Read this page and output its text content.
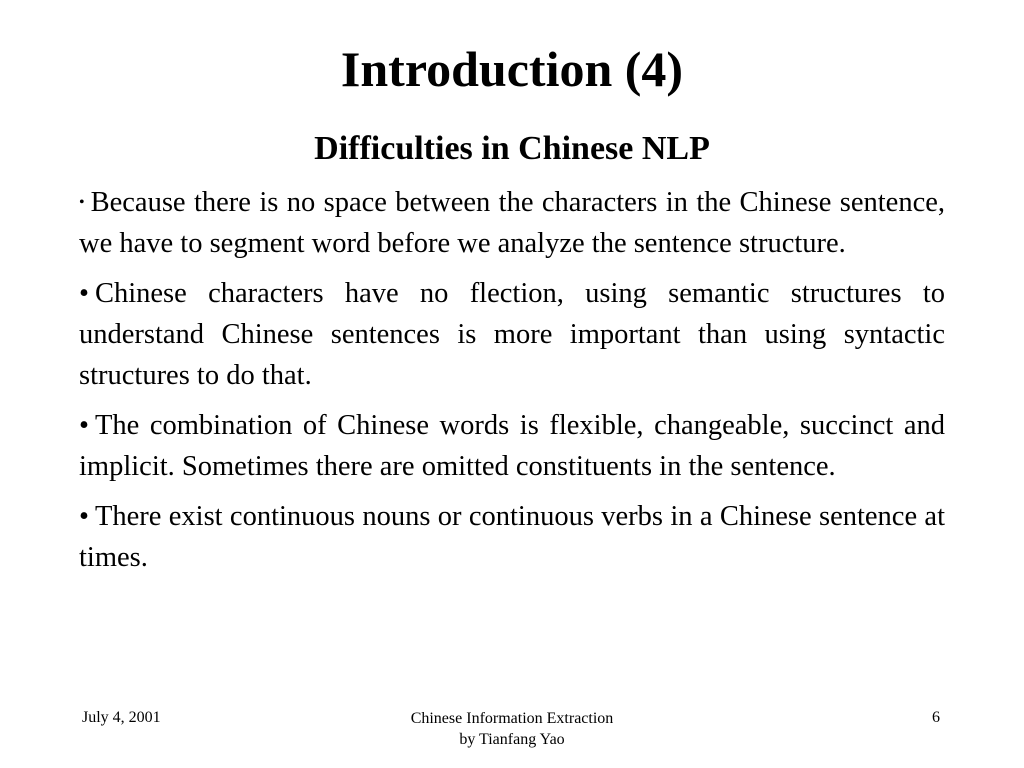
Introduction (4)
Difficulties in Chinese NLP

• Because there is no space between the characters in the Chinese sentence, we have to segment word before we analyze the sentence structure.

• Chinese characters have no flection, using semantic structures to understand Chinese sentences is more important than using syntactic structures to do that.

• The combination of Chinese words is flexible, changeable, succinct and implicit. Sometimes there are omitted constituents in the sentence.

• There exist continuous nouns or continuous verbs in a Chinese sentence at times.

July 4, 2001	Chinese Information Extraction
by Tianfang Yao
6
